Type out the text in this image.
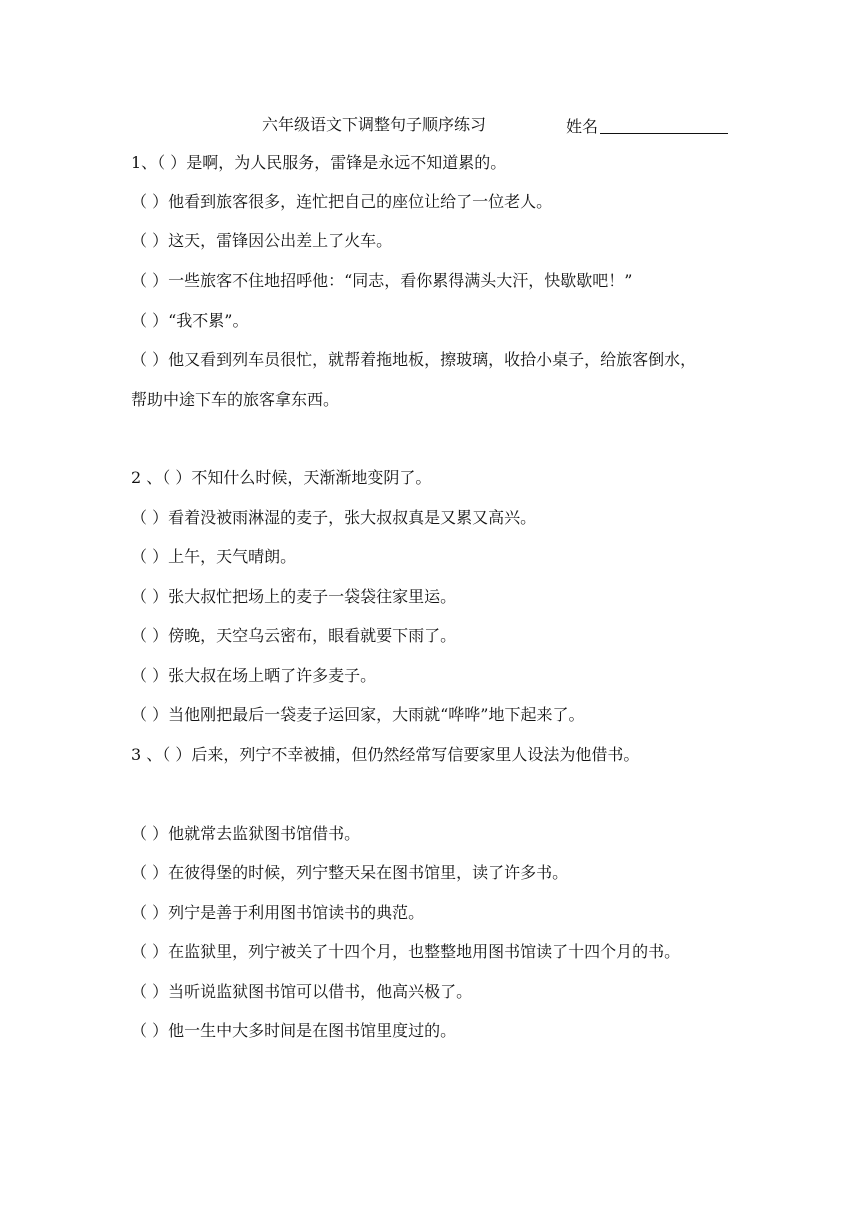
六年级语文下调整句子顺序练习	姓名
1、（ ）是啊，为人民服务，雷锋是永远不知道累的。
（ ）他看到旅客很多，连忙把自己的座位让给了一位老人。
（ ）这天，雷锋因公出差上了火车。
（ ）一些旅客不住地招呼他：“同志，看你累得满头大汗，快歇歇吧！”
（ ）“我不累”。
（ ）他又看到列车员很忙，就帮着拖地板，擦玻璃，收拾小桌子，给旅客倒水，
帮助中途下车的旅客拿东西。
2 、（ ）不知什么时候，天渐渐地变阴了。
（ ）看着没被雨淋湿的麦子，张大叔叔真是又累又高兴。
（ ）上午，天气晴朗。
（ ）张大叔忙把场上的麦子一袋袋往家里运。
（ ）傍晚，天空乌云密布，眼看就要下雨了。
（ ）张大叔在场上晒了许多麦子。
（ ）当他刚把最后一袋麦子运回家，大雨就“哗哗”地下起来了。
3 、（ ）后来，列宁不幸被捕，但仍然经常写信要家里人设法为他借书。
（ ）他就常去监狱图书馆借书。
（ ）在彼得堡的时候，列宁整天呆在图书馆里，读了许多书。
（ ）列宁是善于利用图书馆读书的典范。
（ ）在监狱里，列宁被关了十四个月，也整整地用图书馆读了十四个月的书。
（ ）当听说监狱图书馆可以借书，他高兴极了。
（ ）他一生中大多时间是在图书馆里度过的。
